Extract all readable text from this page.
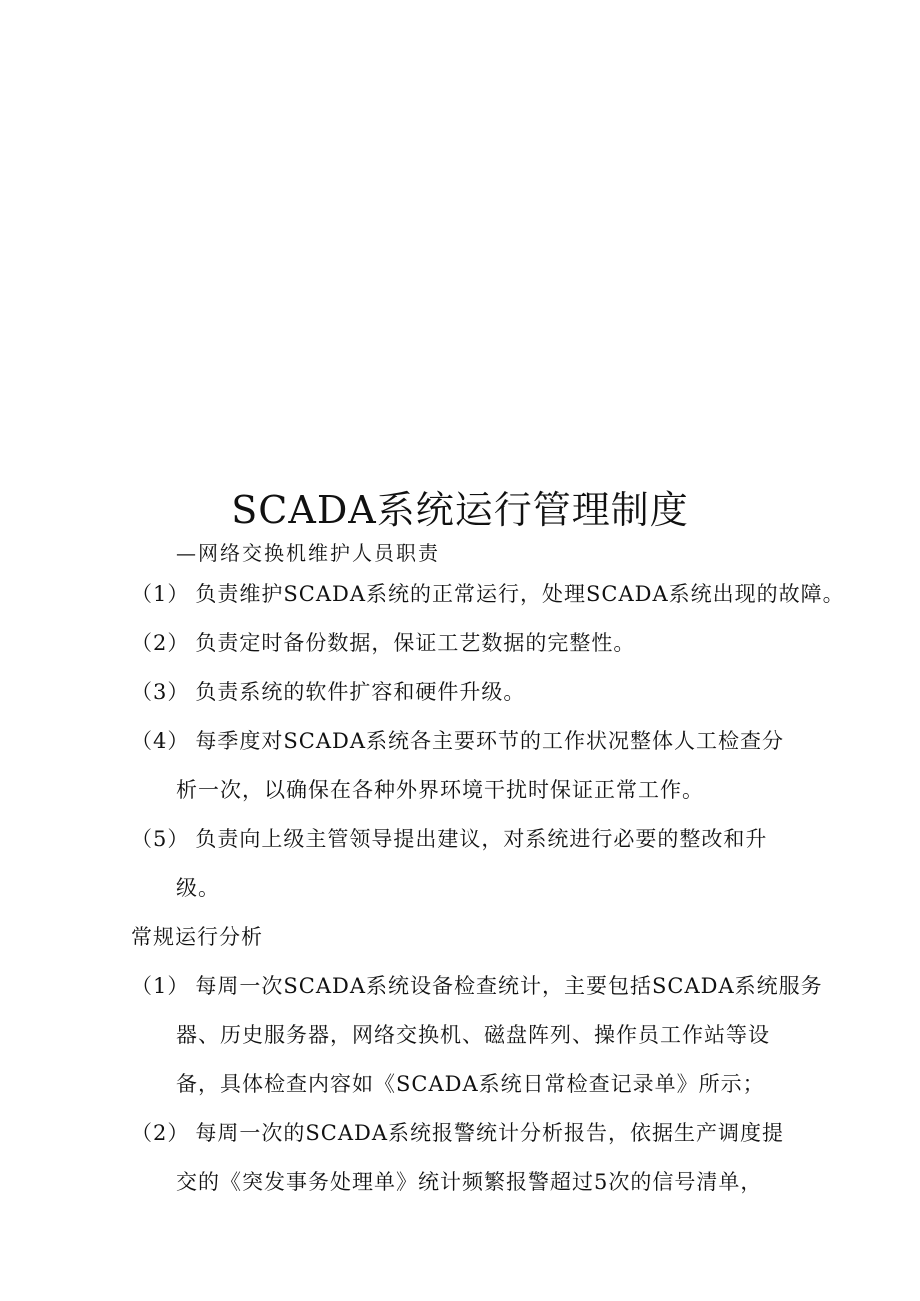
SCADA系统运行管理制度
—网络交换机维护人员职责
（1） 负责维护SCADA系统的正常运行，处理SCADA系统出现的故障。
（2） 负责定时备份数据，保证工艺数据的完整性。
（3） 负责系统的软件扩容和硬件升级。
（4） 每季度对SCADA系统各主要环节的工作状况整体人工检查分
析一次，以确保在各种外界环境干扰时保证正常工作。
（5） 负责向上级主管领导提出建议，对系统进行必要的整改和升
级。
常规运行分析
（1） 每周一次SCADA系统设备检查统计，主要包括SCADA系统服务
器、历史服务器，网络交换机、磁盘阵列、操作员工作站等设
备，具体检查内容如《SCADA系统日常检查记录单》所示；
（2） 每周一次的SCADA系统报警统计分析报告，依据生产调度提
交的《突发事务处理单》统计频繁报警超过5次的信号清单，
